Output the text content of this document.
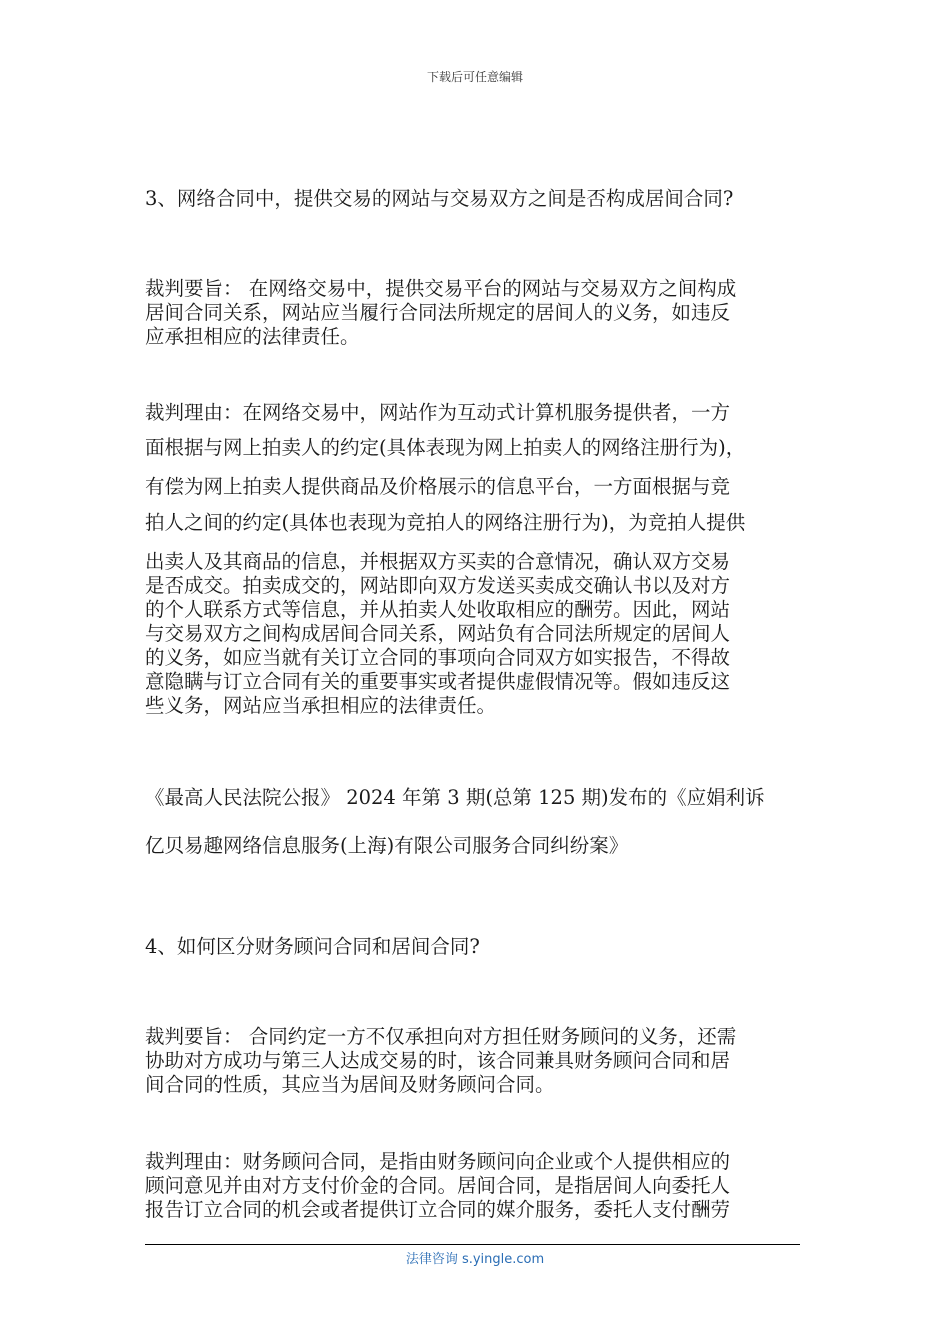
下载后可任意编辑
3、网络合同中，提供交易的网站与交易双方之间是否构成居间合同?
裁判要旨： 在网络交易中，提供交易平台的网站与交易双方之间构成
居间合同关系，网站应当履行合同法所规定的居间人的义务，如违反
应承担相应的法律责任。
裁判理由：在网络交易中，网站作为互动式计算机服务提供者，一方
面根据与网上拍卖人的约定(具体表现为网上拍卖人的网络注册行为)，
有偿为网上拍卖人提供商品及价格展示的信息平台，一方面根据与竞
拍人之间的约定(具体也表现为竞拍人的网络注册行为)，为竞拍人提供
出卖人及其商品的信息，并根据双方买卖的合意情况，确认双方交易
是否成交。拍卖成交的，网站即向双方发送买卖成交确认书以及对方
的个人联系方式等信息，并从拍卖人处收取相应的酬劳。因此，网站
与交易双方之间构成居间合同关系，网站负有合同法所规定的居间人
的义务，如应当就有关订立合同的事项向合同双方如实报告，不得故
意隐瞒与订立合同有关的重要事实或者提供虚假情况等。假如违反这
些义务，网站应当承担相应的法律责任。
《最高人民法院公报》 2024 年第 3 期(总第 125 期)发布的《应娟利诉
亿贝易趣网络信息服务(上海)有限公司服务合同纠纷案》
4、如何区分财务顾问合同和居间合同?
裁判要旨： 合同约定一方不仅承担向对方担任财务顾问的义务，还需
协助对方成功与第三人达成交易的时，该合同兼具财务顾问合同和居
间合同的性质，其应当为居间及财务顾问合同。
裁判理由：财务顾问合同，是指由财务顾问向企业或个人提供相应的
顾问意见并由对方支付价金的合同。居间合同，是指居间人向委托人
报告订立合同的机会或者提供订立合同的媒介服务，委托人支付酬劳
法律咨询 s.yingle.com
